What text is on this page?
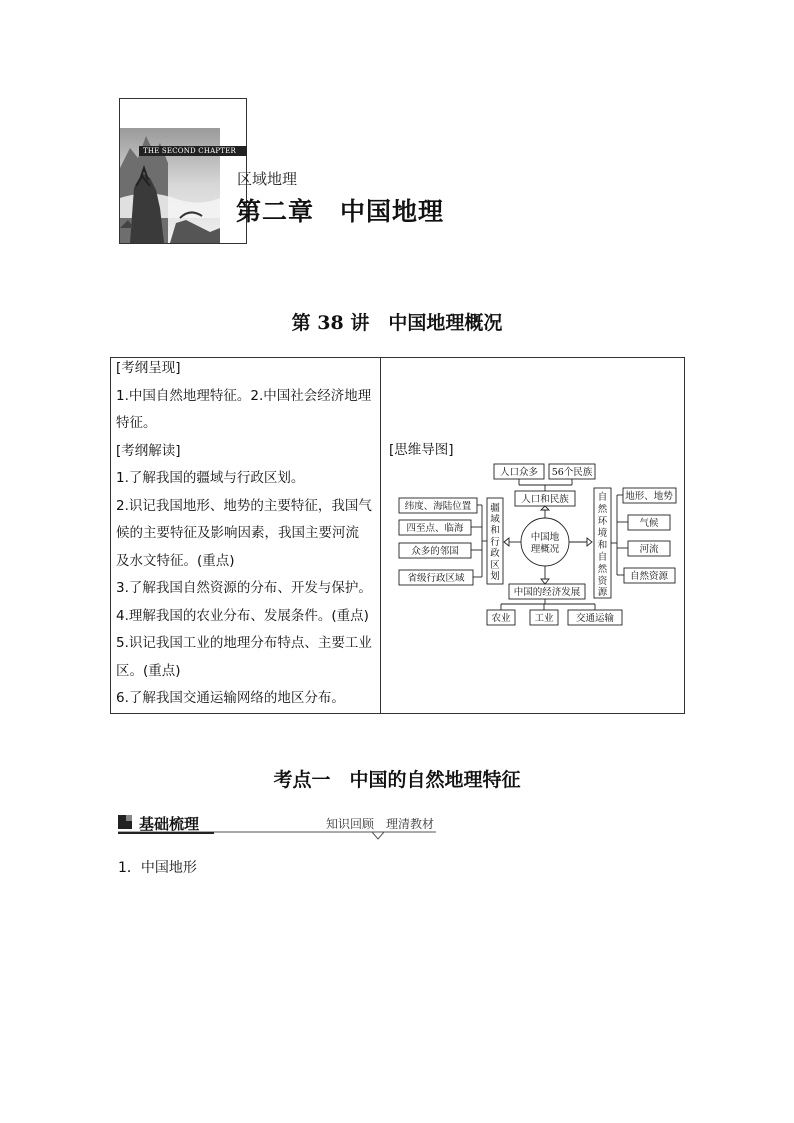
THE SECOND CHAPTER
区域地理
第二章　中国地理
第 38 讲　中国地理概况
[考纲呈现]
1.中国自然地理特征。2.中国社会经济地理
特征。
[考纲解读]
1.了解我国的疆域与行政区划。
2.识记我国地形、地势的主要特征，我国气
候的主要特征及影响因素，我国主要河流
及水文特征。(重点)
3.了解我国自然资源的分布、开发与保护。
4.理解我国的农业分布、发展条件。(重点)
5.识记我国工业的地理分布特点、主要工业
区。(重点)
6.了解我国交通运输网络的地区分布。
[思维导图]
人口众多 56个民族
人口和民族
纬度、海陆位置
四至点、临海
众多的邻国
省级行政区域
中国地
理概况
地形、地势
气候
河流
自然资源
中国的经济发展
农业	工业 交通运输
疆
域
和
行
政
区
划
自
然
环
境
和
自
然
资
源
考点一　中国的自然地理特征
基础梳理	知识回顾　理清教材
1．中国地形
